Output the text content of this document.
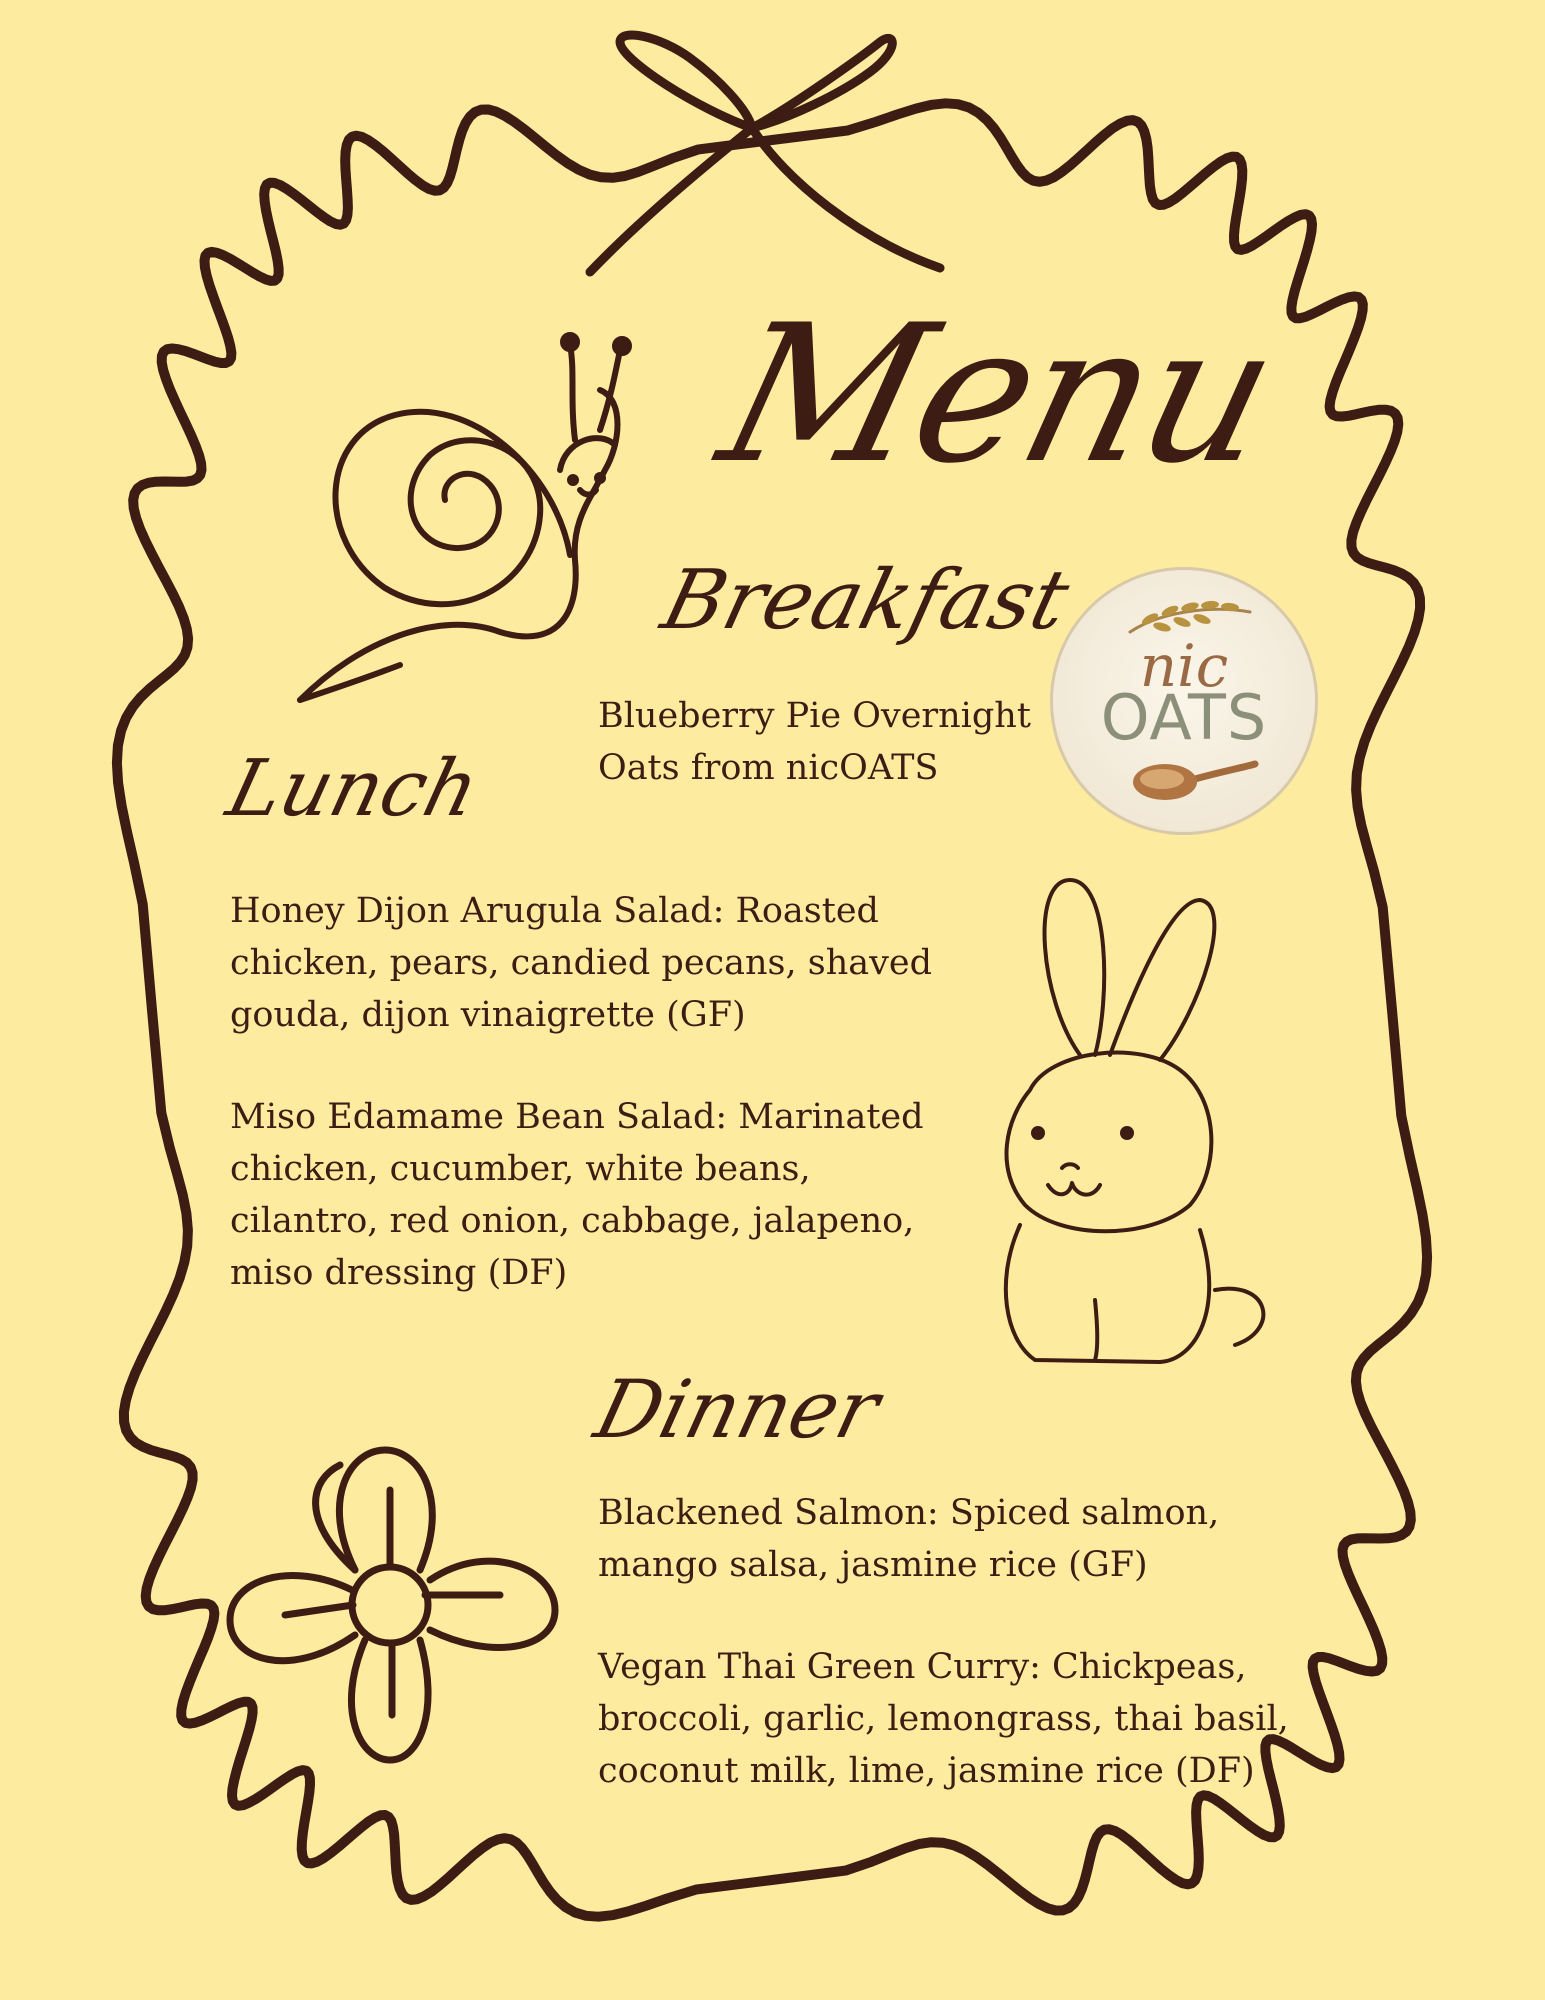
Menu
Breakfast

Blueberry Pie Overnight Oats from nicOATS

nic
OATS
Lunch

Honey Dijon Arugula Salad: Roasted chicken, pears, candied pecans, shaved gouda, dijon vinaigrette (GF)

Miso Edamame Bean Salad: Marinated chicken, cucumber, white beans, cilantro, red onion, cabbage, jalapeno, miso dressing (DF)

Dinner

Blackened Salmon: Spiced salmon, mango salsa, jasmine rice (GF)

Vegan Thai Green Curry: Chickpeas, broccoli, garlic, lemongrass, thai basil, coconut milk, lime, jasmine rice (DF)
